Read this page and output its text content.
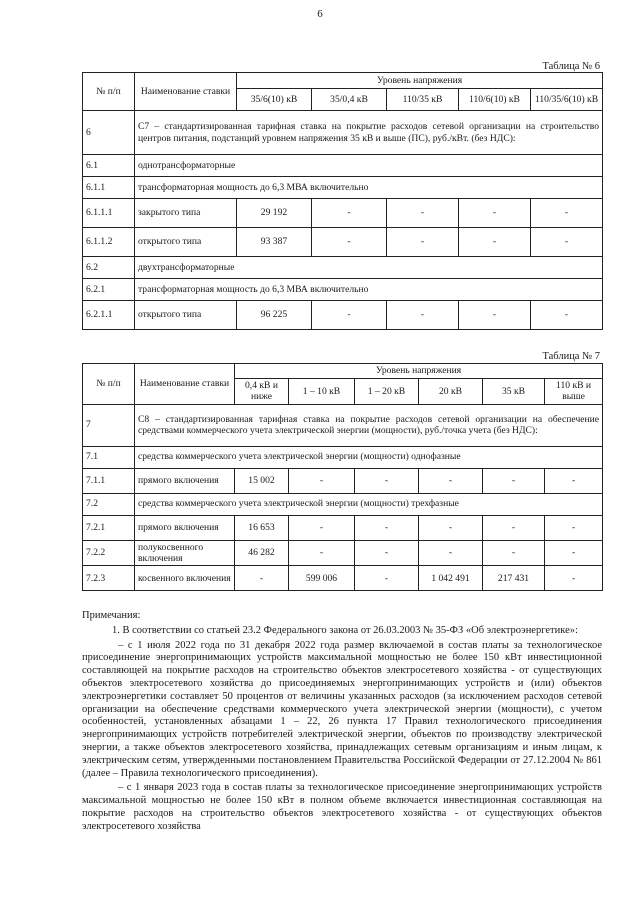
6
Таблица № 6
№ п/п	Наименование ставки	Уровень напряжения				
		35/6(10) кВ	35/0,4 кВ	110/35 кВ	110/6(10) кВ	110/35/6(10) кВ
6	С7 – стандартизированная тарифная ставка на покрытие расходов сетевой организации на строительство центров питания, подстанций уровнем напряжения 35 кВ и выше (ПС), руб./кВт. (без НДС):					
6.1	однотрансформаторные					
6.1.1	трансформаторная мощность до 6,3 МВА включительно					
6.1.1.1	закрытого типа	29 192	-	-	-	-
6.1.1.2	открытого типа	93 387	-	-	-	-
6.2	двухтрансформаторные					
6.2.1	трансформаторная мощность до 6,3 МВА включительно					
6.2.1.1	открытого типа	96 225	-	-	-	-
Таблица № 7
№ п/п	Наименование ставки	Уровень напряжения					
		0,4 кВ и ниже	1 – 10 кВ	1 – 20 кВ	20 кВ	35 кВ	110 кВ и выше
7	С8 – стандартизированная тарифная ставка на покрытие расходов сетевой организации на обеспечение средствами коммерческого учета электрической энергии (мощности), руб./точка учета (без НДС):						
7.1	средства коммерческого учета электрической энергии (мощности) однофазные						
7.1.1	прямого включения	15 002	-	-	-	-	-
7.2	средства коммерческого учета электрической энергии (мощности) трехфазные						
7.2.1	прямого включения	16 653	-	-	-	-	-
7.2.2	полукосвенного включения	46 282	-	-	-	-	-
7.2.3	косвенного включения	-	599 006	-	1 042 491	217 431	-

Примечания:

1. В соответствии со статьей 23.2 Федерального закона от 26.03.2003 № 35-ФЗ «Об электроэнергетике»:

– с 1 июля 2022 года по 31 декабря 2022 года размер включаемой в состав платы за технологическое присоединение энергопринимающих устройств максимальной мощностью не более 150 кВт инвестиционной составляющей на покрытие расходов на строительство объектов электросетевого хозяйства - от существующих объектов электросетевого хозяйства до присоединяемых энергопринимающих устройств и (или) объектов электроэнергетики составляет 50 процентов от величины указанных расходов (за исключением расходов сетевой организации на обеспечение средствами коммерческого учета электрической энергии (мощности), с учетом особенностей, установленных абзацами 1 – 22, 26 пункта 17 Правил технологического присоединения энергопринимающих устройств потребителей электрической энергии, объектов по производству электрической энергии, а также объектов электросетевого хозяйства, принадлежащих сетевым организациям и иным лицам, к электрическим сетям, утвержденными постановлением Правительства Российской Федерации от 27.12.2004 № 861 (далее – Правила технологического присоединения).

– с 1 января 2023 года в состав платы за технологическое присоединение энергопринимающих устройств максимальной мощностью не более 150 кВт в полном объеме включается инвестиционная составляющая на покрытие расходов на строительство объектов электросетевого хозяйства - от существующих объектов электросетевого хозяйства
